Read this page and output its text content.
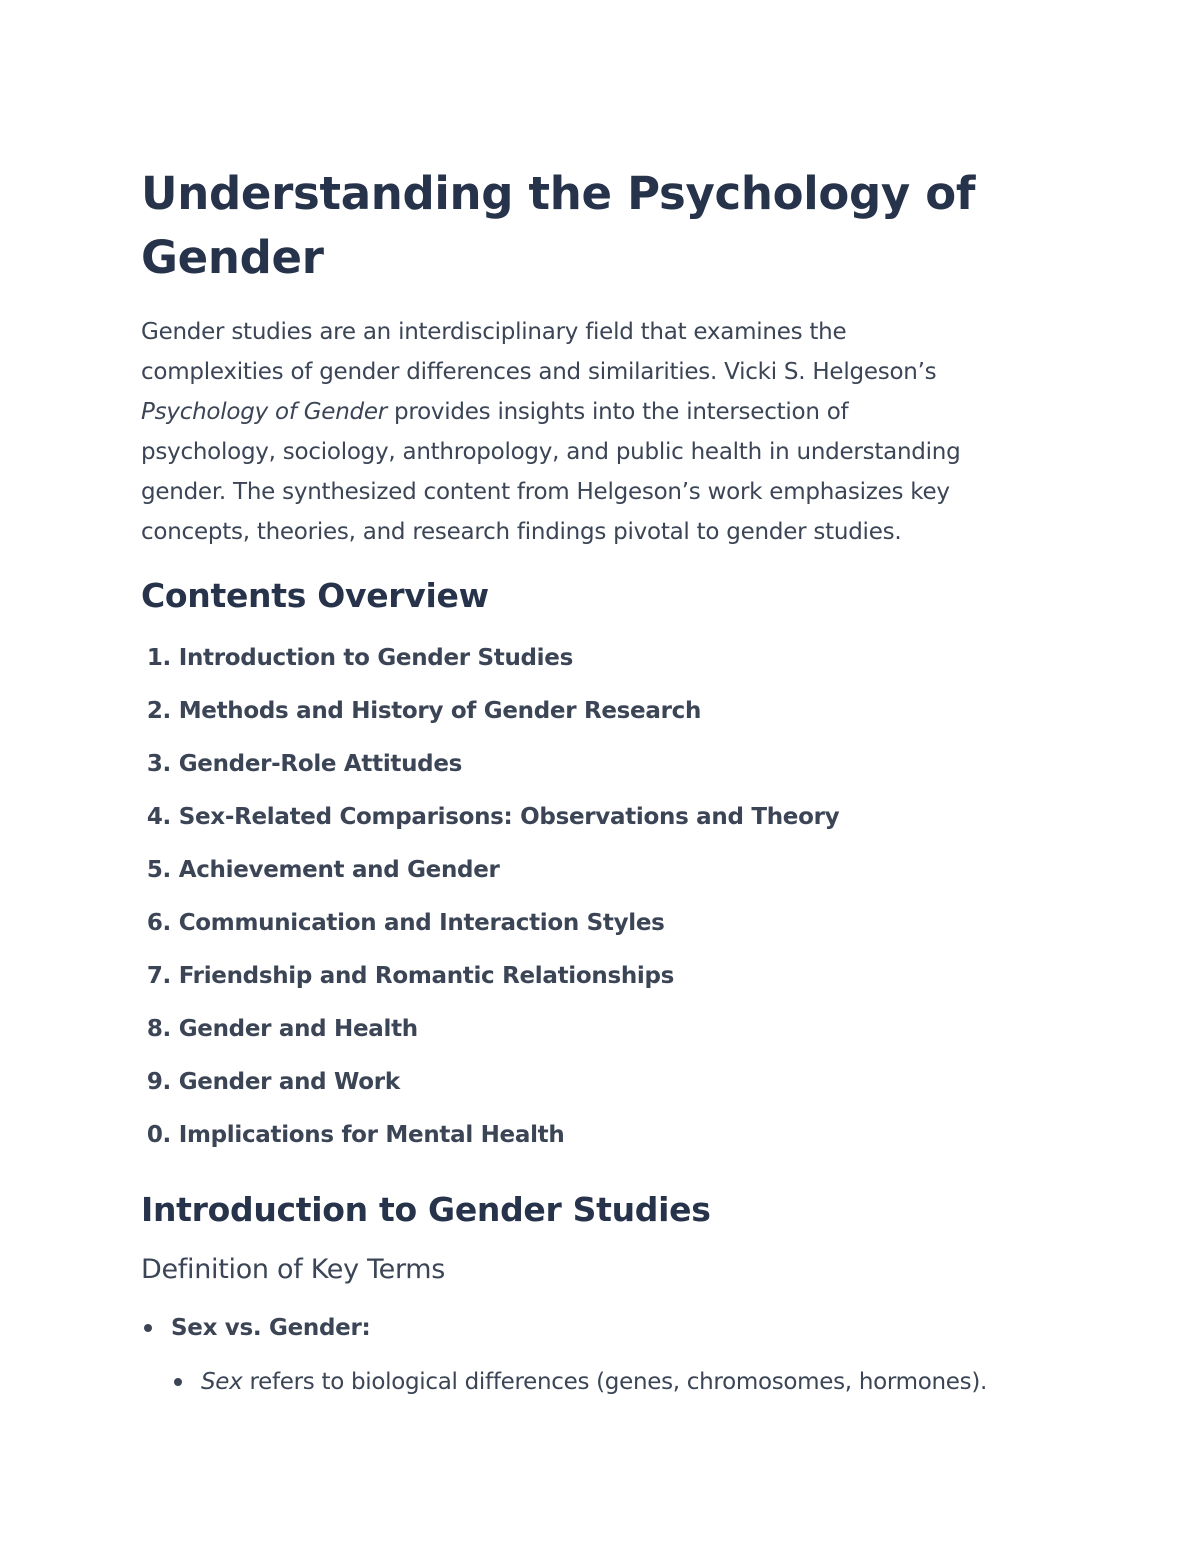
Understanding the Psychology of
Gender

Gender studies are an interdisciplinary field that examines the
complexities of gender differences and similarities. Vicki S. Helgeson’s
Psychology of Gender provides insights into the intersection of
psychology, sociology, anthropology, and public health in understanding
gender. The synthesized content from Helgeson’s work emphasizes key
concepts, theories, and research findings pivotal to gender studies.

Contents Overview
1. Introduction to Gender Studies
2. Methods and History of Gender Research
3. Gender-Role Attitudes
4. Sex-Related Comparisons: Observations and Theory
5. Achievement and Gender
6. Communication and Interaction Styles
7. Friendship and Romantic Relationships
8. Gender and Health
9. Gender and Work
0. Implications for Mental Health
Introduction to Gender Studies
Definition of Key Terms
Sex vs. Gender:
Sex refers to biological differences (genes, chromosomes, hormones).
